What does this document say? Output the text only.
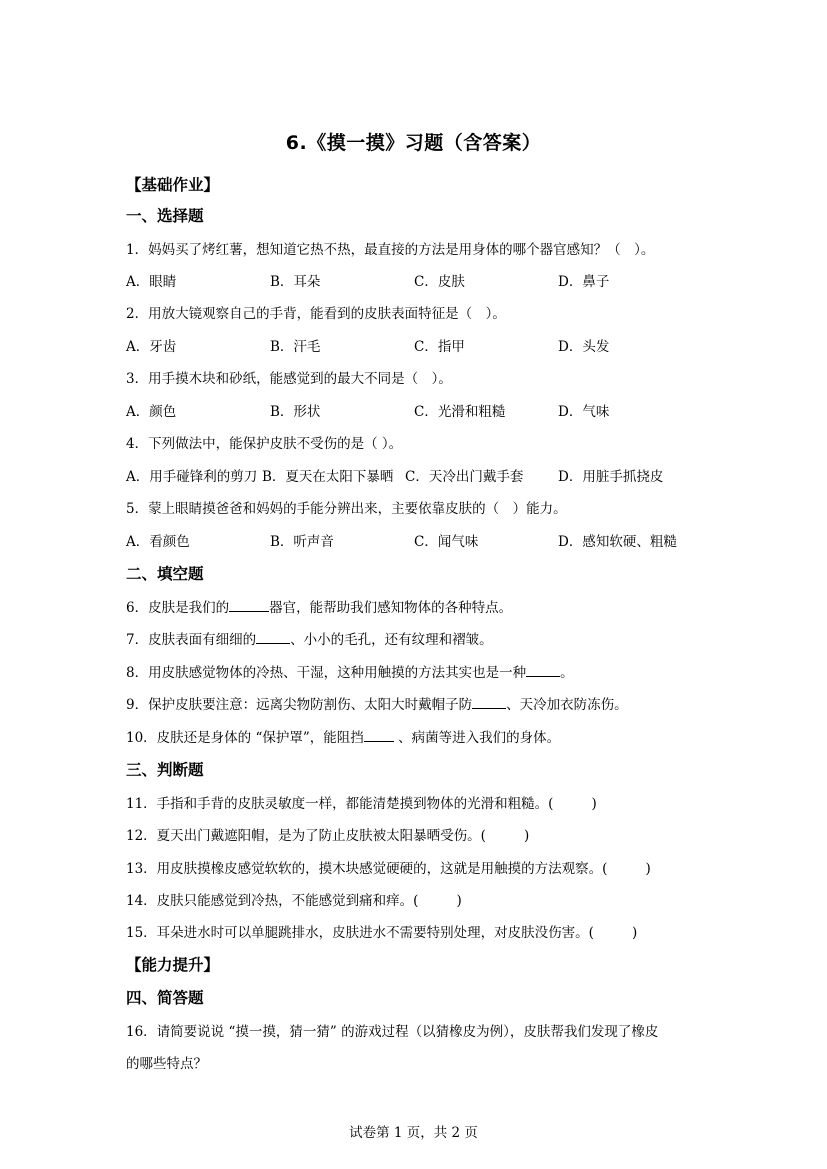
6.《摸一摸》习题（含答案）
【基础作业】
一、选择题
1．妈妈买了烤红薯，想知道它热不热，最直接的方法是用身体的哪个器官感知？（　）。
A．眼睛	B．耳朵	C．皮肤	D．鼻子
2．用放大镜观察自己的手背，能看到的皮肤表面特征是（　）。
A．牙齿	B．汗毛	C．指甲	D．头发
3．用手摸木块和砂纸，能感觉到的最大不同是（　）。
A．颜色	B．形状	C．光滑和粗糙	D．气味
4．下列做法中，能保护皮肤不受伤的是（ ）。
A．用手碰锋利的剪刀 B．夏天在太阳下暴晒 C．天冷出门戴手套	D．用脏手抓挠皮
5．蒙上眼睛摸爸爸和妈妈的手能分辨出来，主要依靠皮肤的（　）能力。
A．看颜色	B．听声音	C．闻气味	D．感知软硬、粗糙
二、填空题
6．皮肤是我们的	器官，能帮助我们感知物体的各种特点。
7．皮肤表面有细细的	、小小的毛孔，还有纹理和褶皱。
8．用皮肤感觉物体的冷热、干湿，这种用触摸的方法其实也是一种	。
9．保护皮肤要注意：远离尖物防割伤、太阳大时戴帽子防	、天冷加衣防冻伤。
10．皮肤还是身体的 “保护罩”，能阻挡 、病菌等进入我们的身体。
三、判断题
11．手指和手背的皮肤灵敏度一样，都能清楚摸到物体的光滑和粗糙。(	)
12．夏天出门戴遮阳帽，是为了防止皮肤被太阳暴晒受伤。(	)
13．用皮肤摸橡皮感觉软软的，摸木块感觉硬硬的，这就是用触摸的方法观察。(	)
14．皮肤只能感觉到冷热，不能感觉到痛和痒。(	)
15．耳朵进水时可以单腿跳排水，皮肤进水不需要特别处理，对皮肤没伤害。(	)
【能力提升】
四、简答题
16．请简要说说 “摸一摸，猜一猜” 的游戏过程（以猜橡皮为例），皮肤帮我们发现了橡皮
的哪些特点？
试卷第 1 页，共 2 页
